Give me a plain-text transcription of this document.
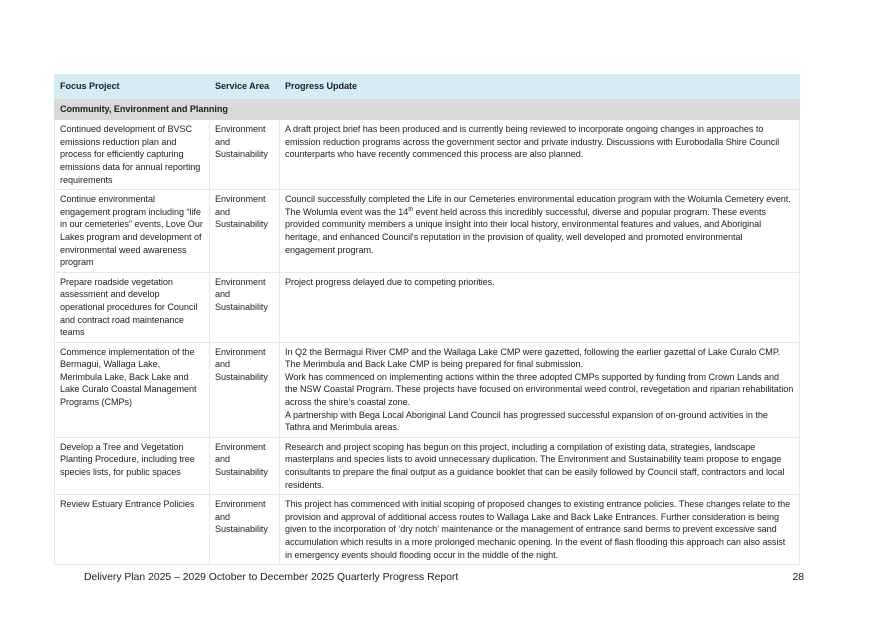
Focus Project	Service Area	Progress Update
Community, Environment and Planning		
Continued development of BVSC emissions reduction plan and process for efficiently capturing emissions data for annual reporting requirements	Environment and Sustainability	A draft project brief has been produced and is currently being reviewed to incorporate ongoing changes in approaches to emission reduction programs across the government sector and private industry. Discussions with Eurobodalla Shire Council counterparts who have recently commenced this process are also planned.

Continue environmental engagement program including “life in our cemeteries” events, Love Our Lakes program and development of environmental weed awareness program	Environment and Sustainability	Council successfully completed the Life in our Cemeteries environmental education program with the Wolumla Cemetery event. The Wolumla event was the 14th event held across this incredibly successful, diverse and popular program. These events provided community members a unique insight into their local history, environmental features and values, and Aboriginal heritage, and enhanced Council's reputation in the provision of quality, well developed and promoted environmental engagement program.
Prepare roadside vegetation assessment and develop operational procedures for Council and contract road maintenance teams	Environment and Sustainability	Project progress delayed due to competing priorities.

Commence implementation of the Bermagui, Wallaga Lake, Merimbula Lake, Back Lake and Lake Curalo Coastal Management Programs (CMPs)	Environment and Sustainability	In Q2 the Bermagui River CMP and the Wallaga Lake CMP were gazetted, following the earlier gazettal of Lake Curalo CMP. The Merimbula and Back Lake CMP is being prepared for final submission.
Work has commenced on implementing actions within the three adopted CMPs supported by funding from Crown Lands and the NSW Coastal Program. These projects have focused on environmental weed control, revegetation and riparian rehabilitation across the shire’s coastal zone.
A partnership with Bega Local Aboriginal Land Council has progressed successful expansion of on-ground activities in the Tathra and Merimbula areas.

Develop a Tree and Vegetation Planting Procedure, including tree species lists, for public spaces	Environment and Sustainability	Research and project scoping has begun on this project, including a compilation of existing data, strategies, landscape masterplans and species lists to avoid unnecessary duplication. The Environment and Sustainability team propose to engage consultants to prepare the final output as a guidance booklet that can be easily followed by Council staff, contractors and local residents.

Review Estuary Entrance Policies	Environment and Sustainability	This project has commenced with initial scoping of proposed changes to existing entrance policies. These changes relate to the provision and approval of additional access routes to Wallaga Lake and Back Lake Entrances. Further consideration is being given to the incorporation of ‘dry notch’ maintenance or the management of entrance sand berms to prevent excessive sand accumulation which results in a more prolonged mechanic opening. In the event of flash flooding this approach can also assist in emergency events should flooding occur in the middle of the night.
Delivery Plan 2025 – 2029 October to December 2025 Quarterly Progress Report	28
